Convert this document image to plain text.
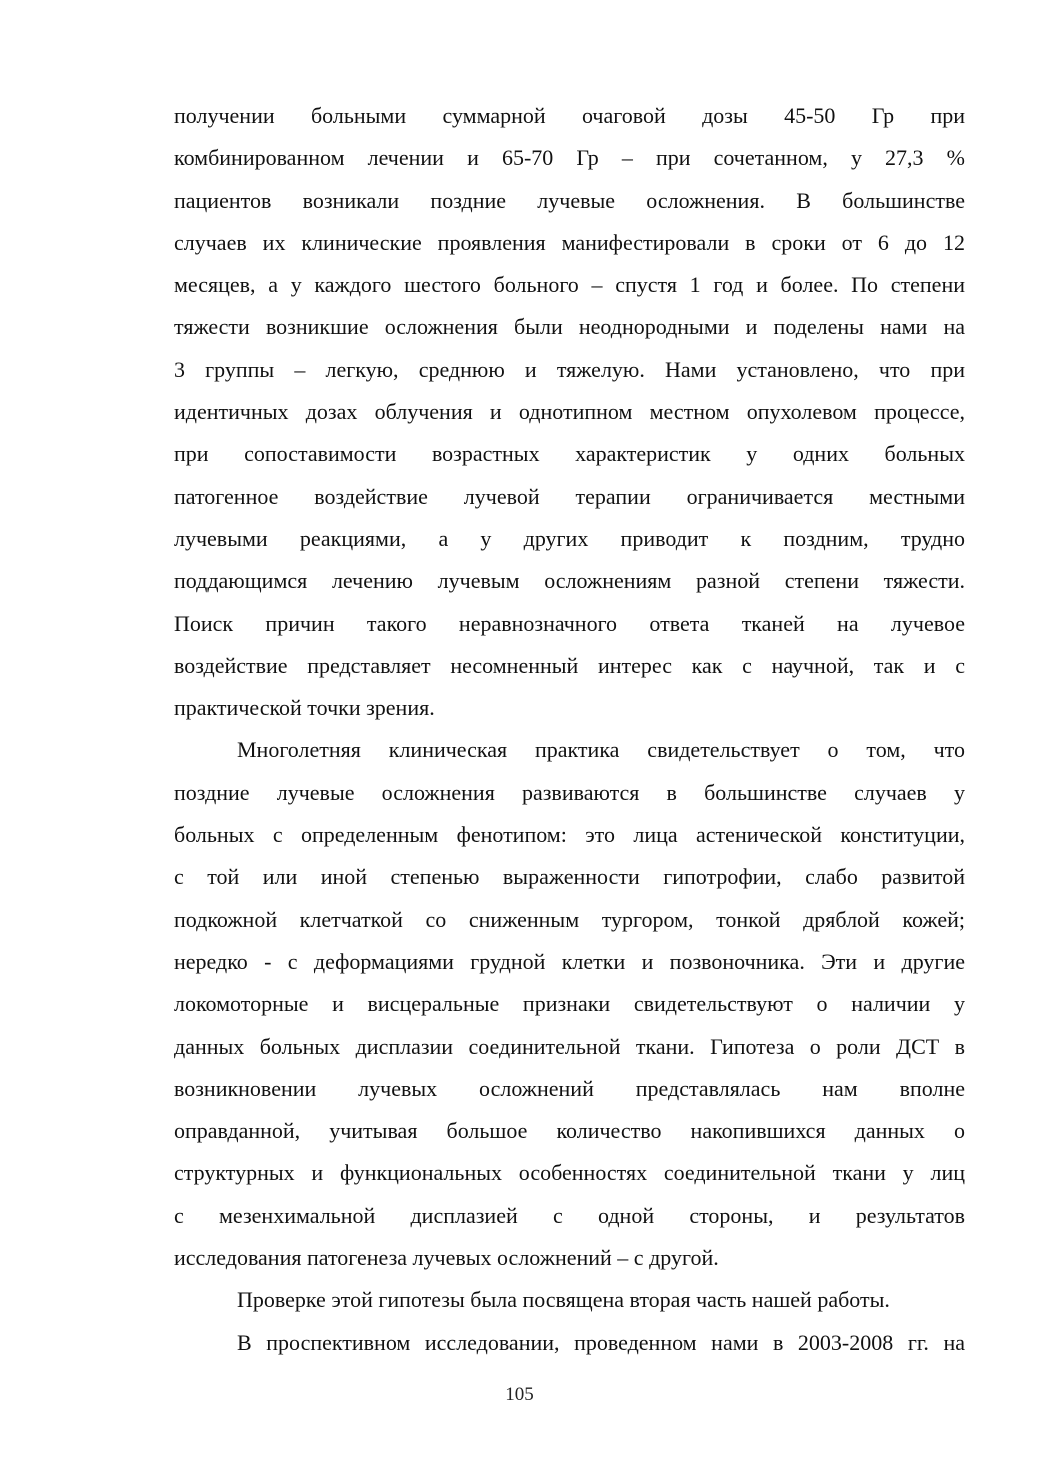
получении больными суммарной очаговой дозы 45-50 Гр при
комбинированном лечении и 65-70 Гр – при сочетанном, у 27,3 %
пациентов возникали поздние лучевые осложнения. В большинстве
случаев их клинические проявления манифестировали в сроки от 6 до 12
месяцев, а у каждого шестого больного – спустя 1 год и более. По степени
тяжести возникшие осложнения были неоднородными и поделены нами на
3 группы – легкую, среднюю и тяжелую. Нами установлено, что при
идентичных дозах облучения и однотипном местном опухолевом процессе,
при сопоставимости возрастных характеристик у одних больных
патогенное воздействие лучевой терапии ограничивается местными
лучевыми реакциями, а у других приводит к поздним, трудно
поддающимся лечению лучевым осложнениям разной степени тяжести.
Поиск причин такого неравнозначного ответа тканей на лучевое
воздействие представляет несомненный интерес как с научной, так и с
практической точки зрения.
Многолетняя клиническая практика свидетельствует о том, что
поздние лучевые осложнения развиваются в большинстве случаев у
больных с определенным фенотипом: это лица астенической конституции,
с той или иной степенью выраженности гипотрофии, слабо развитой
подкожной клетчаткой со сниженным тургором, тонкой дряблой кожей;
нередко - с деформациями грудной клетки и позвоночника. Эти и другие
локомоторные и висцеральные признаки свидетельствуют о наличии у
данных больных дисплазии соединительной ткани. Гипотеза о роли ДСТ в
возникновении лучевых осложнений представлялась нам вполне
оправданной, учитывая большое количество накопившихся данных о
структурных и функциональных особенностях соединительной ткани у лиц
с мезенхимальной дисплазией с одной стороны, и результатов
исследования патогенеза лучевых осложнений – с другой.
Проверке этой гипотезы была посвящена вторая часть нашей работы.
В проспективном исследовании, проведенном нами в 2003-2008 гг. на
105
